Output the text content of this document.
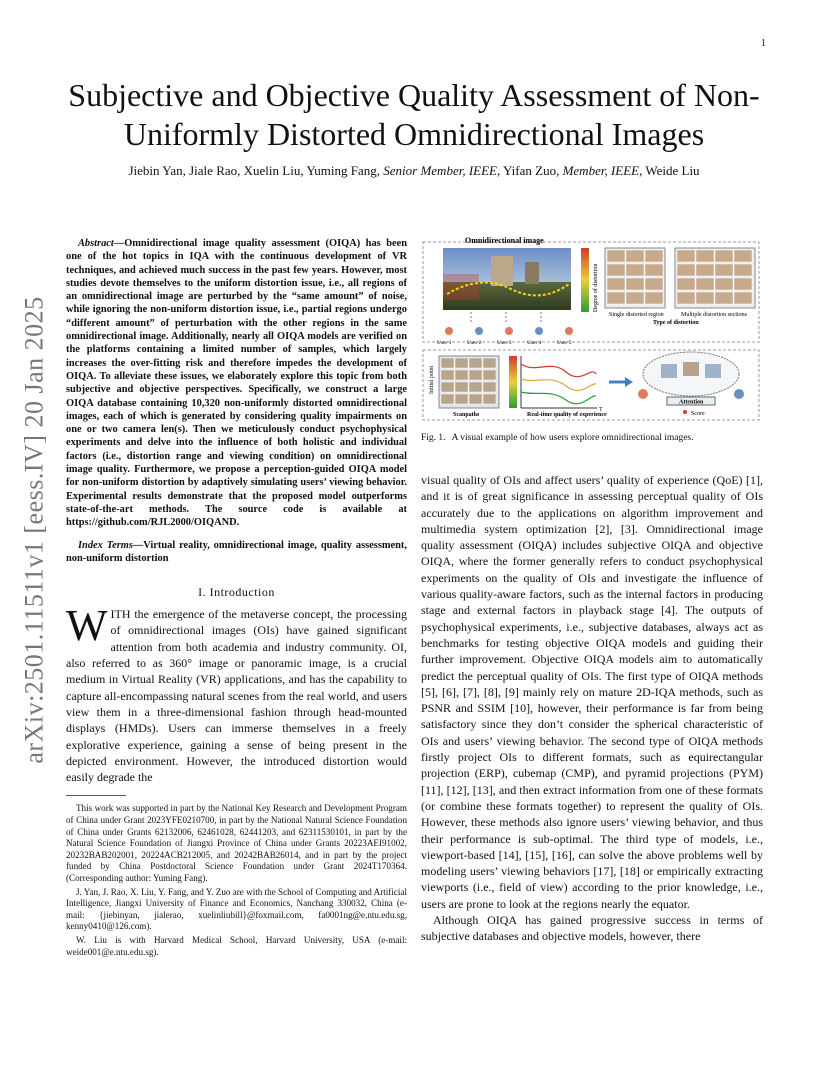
1
arXiv:2501.11511v1 [eess.IV] 20 Jan 2025
Subjective and Objective Quality Assessment of Non-Uniformly Distorted Omnidirectional Images
Jiebin Yan, Jiale Rao, Xuelin Liu, Yuming Fang, Senior Member, IEEE, Yifan Zuo, Member, IEEE, Weide Liu

Abstract—Omnidirectional image quality assessment (OIQA) has been one of the hot topics in IQA with the continuous development of VR techniques, and achieved much success in the past few years. However, most studies devote themselves to the uniform distortion issue, i.e., all regions of an omnidirectional image are perturbed by the “same amount” of noise, while ignoring the non-uniform distortion issue, i.e., partial regions undergo “different amount” of perturbation with the other regions in the same omnidirectional image. Additionally, nearly all OIQA models are verified on the platforms containing a limited number of samples, which largely increases the over-fitting risk and therefore impedes the development of OIQA. To alleviate these issues, we elaborately explore this topic from both subjective and objective perspectives. Specifically, we construct a large OIQA database containing 10,320 non-uniformly distorted omnidirectional images, each of which is generated by considering quality impairments on one or two camera len(s). Then we meticulously conduct psychophysical experiments and delve into the influence of both holistic and individual factors (i.e., distortion range and viewing condition) on omnidirectional image quality. Furthermore, we propose a perception-guided OIQA model for non-uniform distortion by adaptively simulating users’ viewing behavior. Experimental results demonstrate that the proposed model outperforms state-of-the-art methods. The source code is available at https://github.com/RJL2000/OIQAND.

Index Terms—Virtual reality, omnidirectional image, quality assessment, non-uniform distortion

I. Introduction
WITH the emergence of the metaverse concept, the processing of omnidirectional images (OIs) have gained significant attention from both academia and industry community. OI, also referred to as 360° image or panoramic image, is a crucial medium in Virtual Reality (VR) applications, and has the capability to capture all-encompassing natural scenes from the real world, and users view them in a three-dimensional fashion through head-mounted displays (HMDs). Users can immerse themselves in a freely explorative experience, gaining a sense of being present in the depicted environment. However, the introduced distortion would easily degrade the

This work was supported in part by the National Key Research and Development Program of China under Grant 2023YFE0210700, in part by the National Natural Science Foundation of China under Grants 62132006, 62461028, 62441203, and 62311530101, in part by the Natural Science Foundation of Jiangxi Province of China under Grants 20223AEI91002, 20232BAB202001, 20224ACB212005, and 20242BAB26014, and in part by the project funded by China Postdoctoral Science Foundation under Grant 2024T170364. (Corresponding author: Yuming Fang).

J. Yan, J. Rao, X. Liu, Y. Fang, and Y. Zuo are with the School of Computing and Artificial Intelligence, Jiangxi University of Finance and Economics, Nanchang 330032, China (e-mail: {jiebinyan, jialerao, xuelinliubill}@foxmail.com, fa0001ng@e.ntu.edu.sg, kenny0410@126.com).

W. Liu is with Harvard Medical School, Harvard University, USA (e-mail: weide001@e.ntu.edu.sg).

Omnidirectional image
Degree of distortion
Single distorted region	Multiple distortion sections
Type of distortion
User 1	User 2	User 3	User 4	User 5
Initial point
Scanpaths
T
Real-time quality of experience
Attention
Score
Fig. 1. A visual example of how users explore omnidirectional images.

visual quality of OIs and affect users’ quality of experience (QoE) [1], and it is of great significance in assessing perceptual quality of OIs accurately due to the applications on algorithm improvement and multimedia system optimization [2], [3]. Omnidirectional image quality assessment (OIQA) includes subjective OIQA and objective OIQA, where the former generally refers to conduct psychophysical experiments on the quality of OIs and investigate the influence of various quality-aware factors, such as the internal factors in producing stage and external factors in playback stage [4]. The outputs of psychophysical experiments, i.e., subjective databases, always act as benchmarks for testing objective OIQA models and guiding their further improvement. Objective OIQA models aim to automatically predict the perceptual quality of OIs. The first type of OIQA methods [5], [6], [7], [8], [9] mainly rely on mature 2D-IQA methods, such as PSNR and SSIM [10], however, their performance is far from being satisfactory since they don’t consider the spherical characteristic of OIs and users’ viewing behavior. The second type of OIQA methods firstly project OIs to different formats, such as equirectangular projection (ERP), cubemap (CMP), and pyramid projections (PYM) [11], [12], [13], and then extract information from one of these formats (or combine these formats together) to represent the quality of OIs. However, these methods also ignore users’ viewing behavior, and thus their performance is sub-optimal. The third type of models, i.e., viewport-based [14], [15], [16], can solve the above problems well by modeling users’ viewing behaviors [17], [18] or empirically extracting viewports (i.e., field of view) according to the prior knowledge, i.e., users are prone to look at the regions nearly the equator.

Although OIQA has gained progressive success in terms of subjective databases and objective models, however, there
